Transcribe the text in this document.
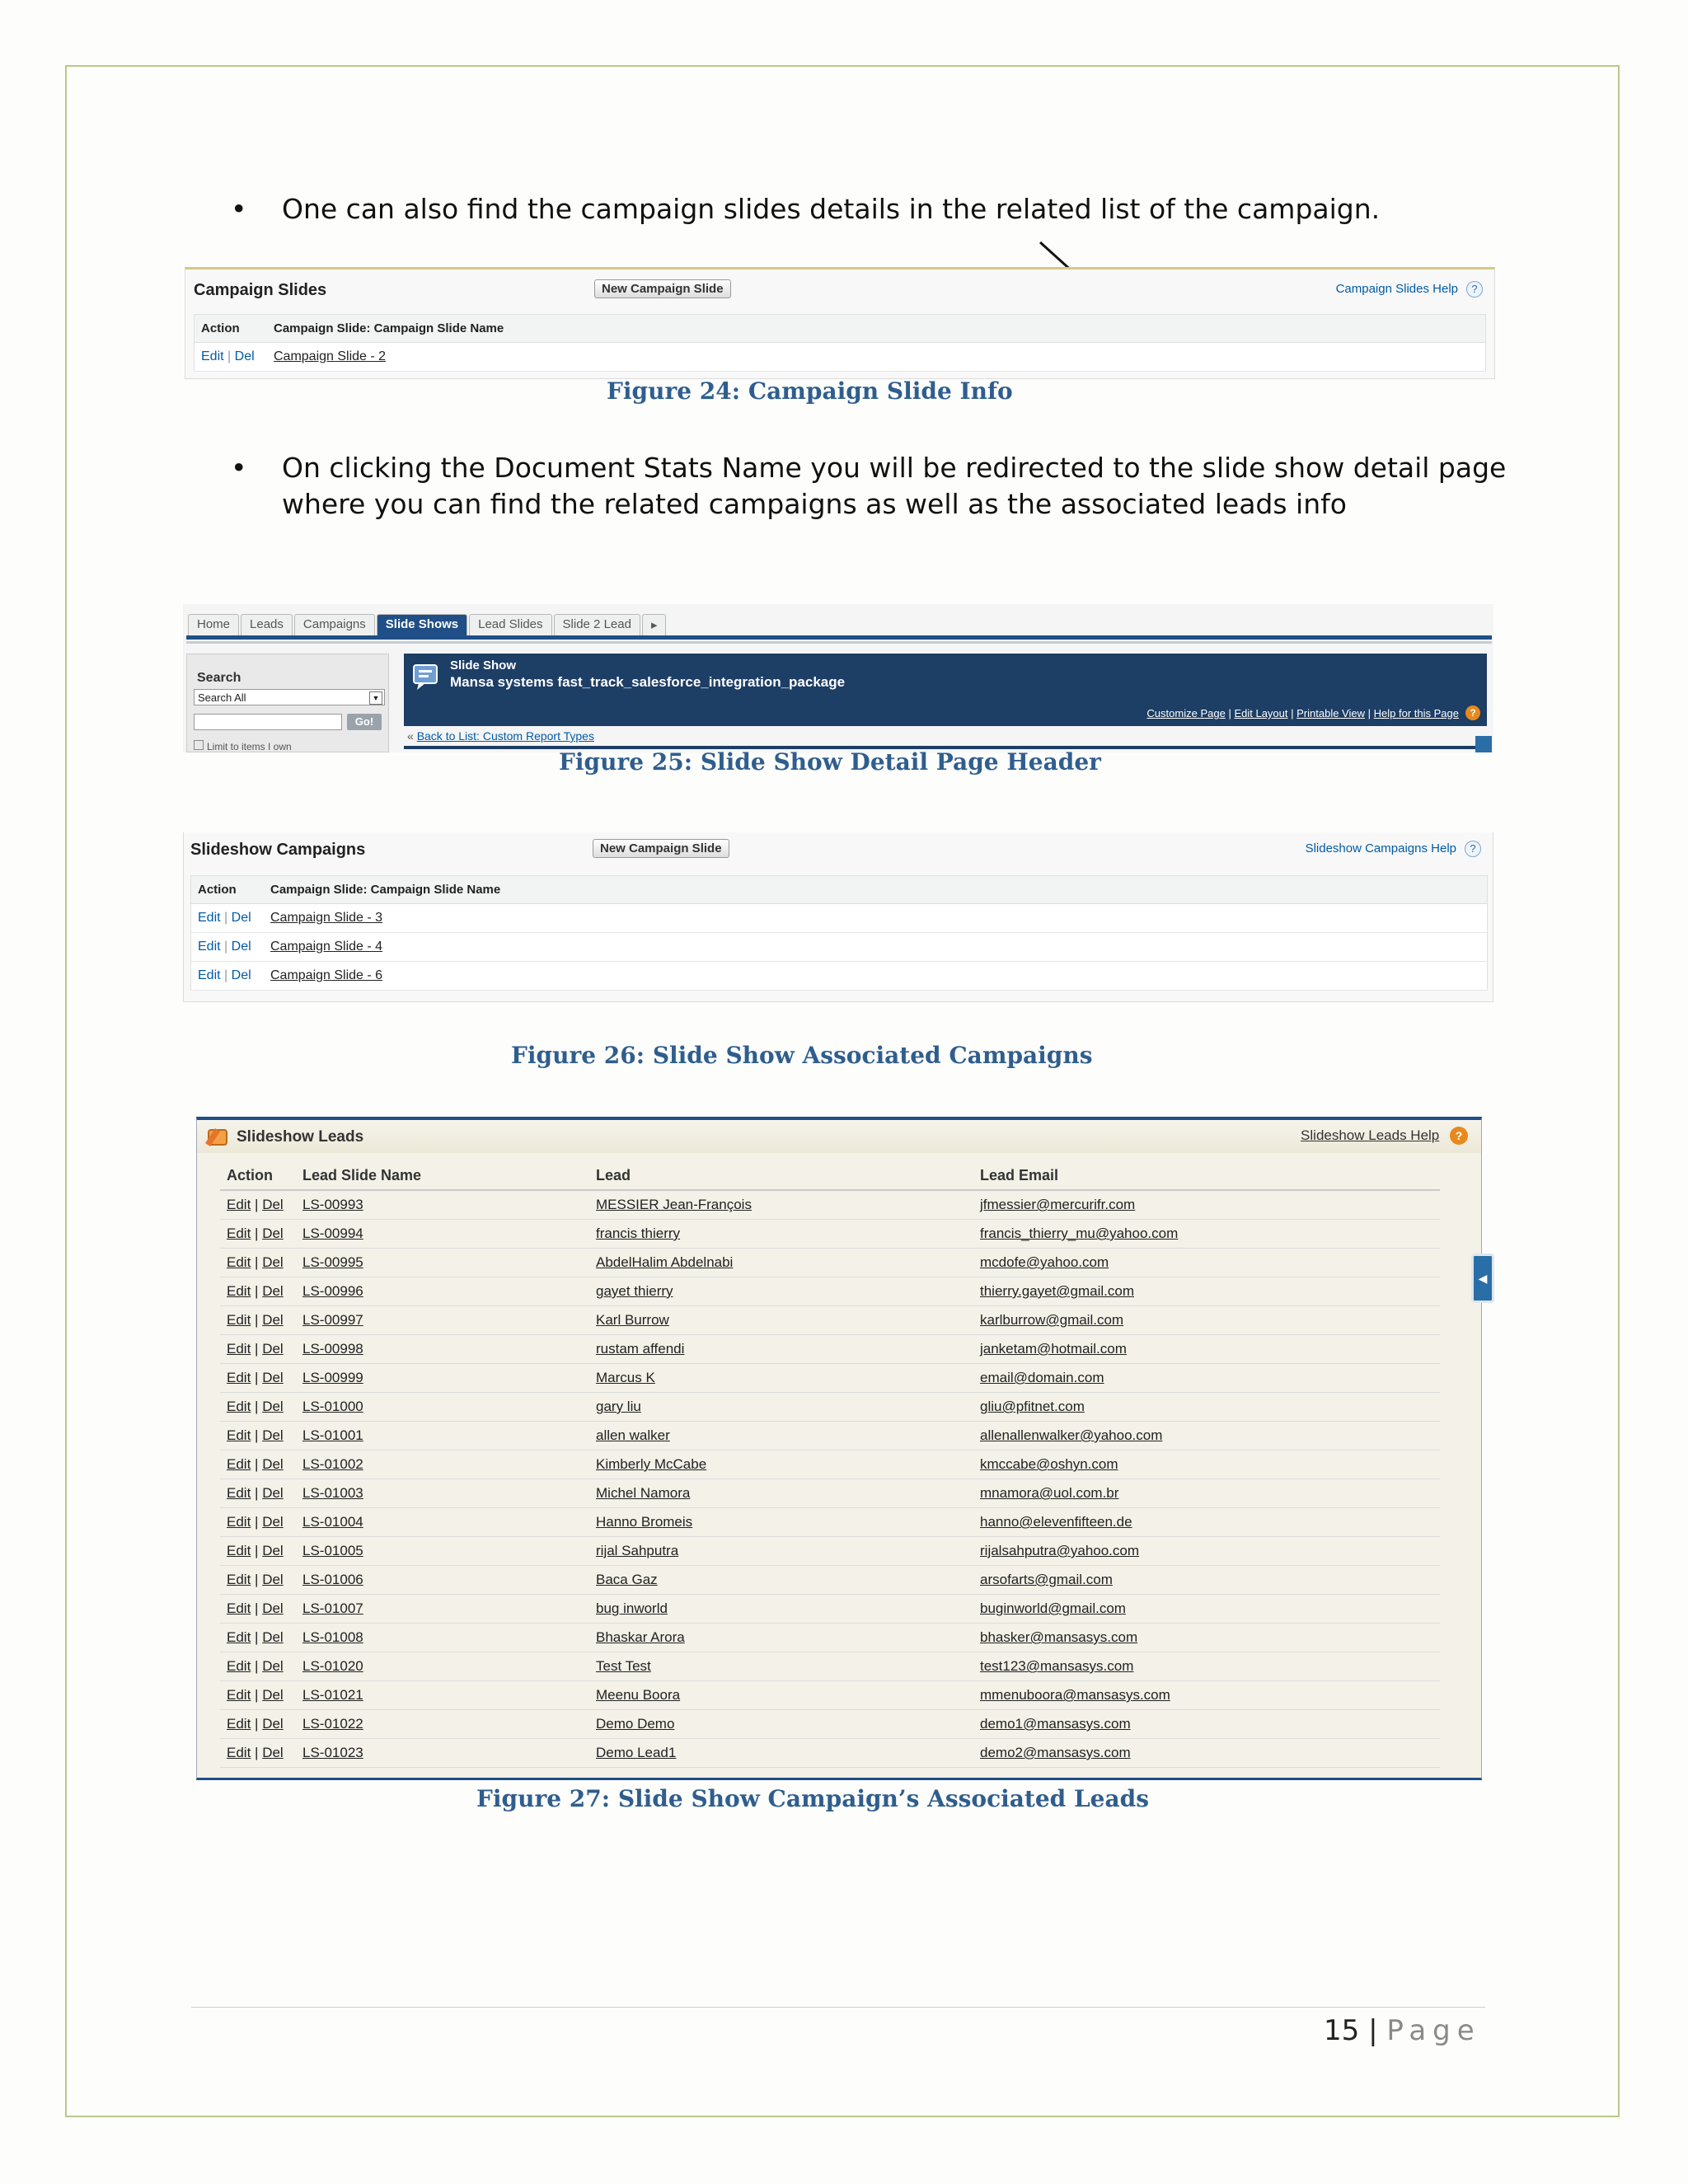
• One can also find the campaign slides details in the related list of the campaign.
Campaign Slides	New Campaign Slide	Campaign Slides Help ?
Action	Campaign Slide: Campaign Slide Name
Edit | Del	Campaign Slide - 2
Figure 24: Campaign Slide Info
• On clicking the Document Stats Name you will be redirected to the slide show detail page where you can find the related campaigns as well as the associated leads info
Home	Leads	Campaigns	Slide Shows	Lead Slides	Slide 2 Lead	▸
Search
Search All	▼
Go!
Limit to items I own
Slide Show
Mansa systems fast_track_salesforce_integration_package
Customize Page | Edit Layout | Printable View | Help for this Page	?
« Back to List: Custom Report Types
Figure 25: Slide Show Detail Page Header
Slideshow Campaigns	New Campaign Slide	Slideshow Campaigns Help ?
Action	Campaign Slide: Campaign Slide Name
Edit | Del	Campaign Slide - 3
Edit | Del	Campaign Slide - 4
Edit | Del	Campaign Slide - 6
Figure 26: Slide Show Associated Campaigns
Slideshow Leads	Slideshow Leads Help ?
Action	Lead Slide Name	Lead	Lead Email
Edit | Del	LS-00993	MESSIER Jean-François	jfmessier@mercurifr.com
Edit | Del	LS-00994	francis thierry	francis_thierry_mu@yahoo.com
Edit | Del	LS-00995	AbdelHalim Abdelnabi	mcdofe@yahoo.com
Edit | Del	LS-00996	gayet thierry	thierry.gayet@gmail.com
Edit | Del	LS-00997	Karl Burrow	karlburrow@gmail.com
Edit | Del	LS-00998	rustam affendi	janketam@hotmail.com
Edit | Del	LS-00999	Marcus K	email@domain.com
Edit | Del	LS-01000	gary liu	gliu@pfitnet.com
Edit | Del	LS-01001	allen walker	allenallenwalker@yahoo.com
Edit | Del	LS-01002	Kimberly McCabe	kmccabe@oshyn.com
Edit | Del	LS-01003	Michel Namora	mnamora@uol.com.br
Edit | Del	LS-01004	Hanno Bromeis	hanno@elevenfifteen.de
Edit | Del	LS-01005	rijal Sahputra	rijalsahputra@yahoo.com
Edit | Del	LS-01006	Baca Gaz	arsofarts@gmail.com
Edit | Del	LS-01007	bug inworld	buginworld@gmail.com
Edit | Del	LS-01008	Bhaskar Arora	bhasker@mansasys.com
Edit | Del	LS-01020	Test Test	test123@mansasys.com
Edit | Del	LS-01021	Meenu Boora	mmenuboora@mansasys.com
Edit | Del	LS-01022	Demo Demo	demo1@mansasys.com
Edit | Del	LS-01023	Demo Lead1	demo2@mansasys.com
◀
Figure 27: Slide Show Campaign’s Associated Leads
15 | Page
